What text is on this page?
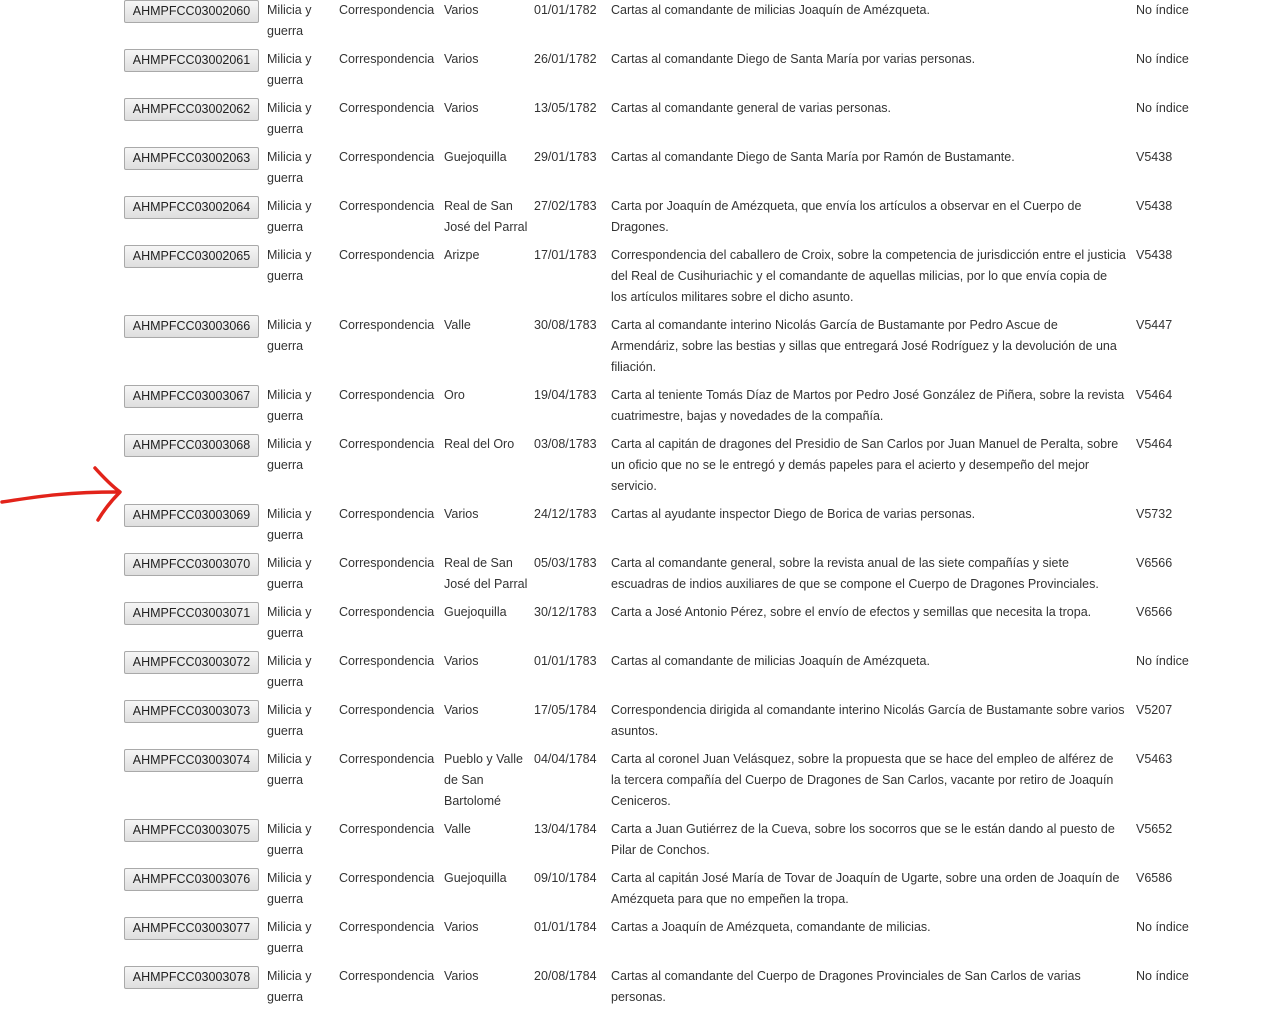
AHMPFCC03002060	Milicia y guerra	Correspondencia	Varios	01/01/1782	Cartas al comandante de milicias Joaquín de Amézqueta.	No índice
AHMPFCC03002061	Milicia y guerra	Correspondencia	Varios	26/01/1782	Cartas al comandante Diego de Santa María por varias personas.	No índice
AHMPFCC03002062	Milicia y guerra	Correspondencia	Varios	13/05/1782	Cartas al comandante general de varias personas.	No índice
AHMPFCC03002063	Milicia y guerra	Correspondencia	Guejoquilla	29/01/1783	Cartas al comandante Diego de Santa María por Ramón de Bustamante.	V5438
AHMPFCC03002064	Milicia y guerra	Correspondencia	Real de San José del Parral	27/02/1783	Carta por Joaquín de Amézqueta, que envía los artículos a observar en el Cuerpo de Dragones.	V5438
AHMPFCC03002065	Milicia y guerra	Correspondencia	Arizpe	17/01/1783	Correspondencia del caballero de Croix, sobre la competencia de jurisdicción entre el justicia del Real de Cusihuriachic y el comandante de aquellas milicias, por lo que envía copia de los artículos militares sobre el dicho asunto.	V5438
AHMPFCC03003066	Milicia y guerra	Correspondencia	Valle	30/08/1783	Carta al comandante interino Nicolás García de Bustamante por Pedro Ascue de Armendáriz, sobre las bestias y sillas que entregará José Rodríguez y la devolución de una filiación.	V5447
AHMPFCC03003067	Milicia y guerra	Correspondencia	Oro	19/04/1783	Carta al teniente Tomás Díaz de Martos por Pedro José González de Piñera, sobre la revista cuatrimestre, bajas y novedades de la compañía.	V5464
AHMPFCC03003068	Milicia y guerra	Correspondencia	Real del Oro	03/08/1783	Carta al capitán de dragones del Presidio de San Carlos por Juan Manuel de Peralta, sobre un oficio que no se le entregó y demás papeles para el acierto y desempeño del mejor servicio.	V5464
AHMPFCC03003069	Milicia y guerra	Correspondencia	Varios	24/12/1783	Cartas al ayudante inspector Diego de Borica de varias personas.	V5732
AHMPFCC03003070	Milicia y guerra	Correspondencia	Real de San José del Parral	05/03/1783	Carta al comandante general, sobre la revista anual de las siete compañías y siete escuadras de indios auxiliares de que se compone el Cuerpo de Dragones Provinciales.	V6566
AHMPFCC03003071	Milicia y guerra	Correspondencia	Guejoquilla	30/12/1783	Carta a José Antonio Pérez, sobre el envío de efectos y semillas que necesita la tropa.	V6566
AHMPFCC03003072	Milicia y guerra	Correspondencia	Varios	01/01/1783	Cartas al comandante de milicias Joaquín de Amézqueta.	No índice
AHMPFCC03003073	Milicia y guerra	Correspondencia	Varios	17/05/1784	Correspondencia dirigida al comandante interino Nicolás García de Bustamante sobre varios asuntos.	V5207
AHMPFCC03003074	Milicia y guerra	Correspondencia	Pueblo y Valle de San Bartolomé	04/04/1784	Carta al coronel Juan Velásquez, sobre la propuesta que se hace del empleo de alférez de la tercera compañía del Cuerpo de Dragones de San Carlos, vacante por retiro de Joaquín Ceniceros.	V5463
AHMPFCC03003075	Milicia y guerra	Correspondencia	Valle	13/04/1784	Carta a Juan Gutiérrez de la Cueva, sobre los socorros que se le están dando al puesto de Pilar de Conchos.	V5652
AHMPFCC03003076	Milicia y guerra	Correspondencia	Guejoquilla	09/10/1784	Carta al capitán José María de Tovar de Joaquín de Ugarte, sobre una orden de Joaquín de Amézqueta para que no empeñen la tropa.	V6586
AHMPFCC03003077	Milicia y guerra	Correspondencia	Varios	01/01/1784	Cartas a Joaquín de Amézqueta, comandante de milicias.	No índice
AHMPFCC03003078	Milicia y guerra	Correspondencia	Varios	20/08/1784	Cartas al comandante del Cuerpo de Dragones Provinciales de San Carlos de varias personas.	No índice
